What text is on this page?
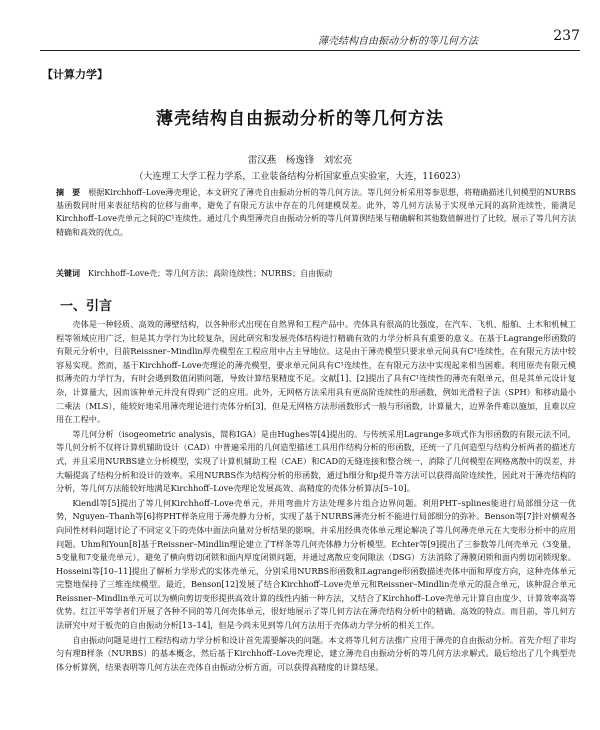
薄壳结构自由振动分析的等几何方法	237
【计算力学】
薄壳结构自由振动分析的等几何方法
雷汉燕　杨逸锋　刘宏亮
（大连理工大学工程力学系，工业装备结构分析国家重点实验室，大连，116023）
摘　要 根据Kirchhoff–Love薄壳理论，本文研究了薄壳自由振动分析的等几何方法。等几何分析采用等参思想，将精确描述几何模型的NURBS基函数同时用来表征结构的位移与曲率，避免了有限元方法中存在的几何建模误差。此外，等几何方法易于实现单元间的高阶连续性，能满足Kirchhoff–Love壳单元之间的C¹连续性。通过几个典型薄壳自由振动分析的等几何算例结果与精确解和其他数值解进行了比较，展示了等几何方法精确和高效的优点。
关键词 Kirchhoff–Love壳；等几何方法；高阶连续性；NURBS；自由振动
一、引言

壳体是一种轻质、高效的薄壁结构，以各种形式出现在自然界和工程产品中。壳体具有很高的比强度，在汽车、飞机、船舶、土木和机械工程等领域应用广泛，但是其力学行为比较复杂，因此研究和发展壳体结构进行精确有效的力学分析具有重要的意义。在基于Lagrange形函数的有限元分析中，目前Reissner–Mindlin厚壳模型在工程应用中占主导地位。这是由于薄壳模型只要求单元间具有C¹连续性，在有限元方法中较容易实现。然而，基于Kirchhoff–Love壳理论的薄壳模型，要求单元间具有C¹连续性，在有限元方法中实现起来相当困难。利用原壳有限元模拟薄壳的力学行为，有时会遇到数值闭锁问题，导致计算结果精度不足。文献[1]、[2]提出了具有C¹连续性的薄壳有限单元，但是其单元设计复杂，计算量大，因而该种单元并没有得到广泛的应用。此外，无网格方法采用具有更高阶连续性的形函数，例如光滑粒子法（SPH）和移动最小二乘法（MLS），能较好地采用薄壳理论进行壳体分析[3]，但是无网格方法形函数形式一般与形函数，计算量大，边界条件难以施加，且难以应用在工程中。

等几何分析（isogeometric analysis，简称IGA）是由Hughes等[4]提出的。与传统采用Lagrange多项式作为形函数的有限元法不同，等几何分析不仅将计算机辅助设计（CAD）中普遍采用的几何造型描述工具用作结构分析的形函数，还统一了几何造型与结构分析两者的描述方式，并且采用NURBS建立分析模型，实现了计算机辅助工程（CAE）和CAD的无缝连接和整合统一，消除了几何模型在网格离散中的误差，并大幅提高了结构分析和设计的效率。采用NURBS作为结构分析的形函数，通过h细分和p提升等方法可以获得高阶连续性，因此对于薄壳结构的分析，等几何方法能较好地满足Kirchhoff–Love壳理论发展高效、高精度的壳体分析算法[5–10]。

Kiendl等[5]提出了等几何Kirchhoff–Love壳单元，并用弯曲片方法处理多片组合边界问题。利用PHT–splines能进行局部细分这一优势，Nguyen–Thanh等[6]将PHT样条应用于薄壳静力分析，实现了基于NURBS薄壳分析不能进行局部细分的弥补。Benson等[7]针对横观各向同性材料问题讨论了不同定义下的壳体中面法向量对分析结果的影响，并采用经典壳体单元理论解决了等几何薄壳单元在大变形分析中的应用问题。Uhm和Youn[8]基于Reissner–Mindlin理论建立了T样条等几何壳体静力分析模型。Echter等[9]提出了三参数等几何壳单元（3变量、5变量和7变量壳单元），避免了横向剪切闭锁和面内厚度闭锁问题，并通过离散应变间隙法（DSG）方法消除了薄膜闭锁和面内剪切闭锁现象。Hosseini等[10–11]提出了解析力学形式的实体壳单元，分别采用NURBS形函数和Lagrange形函数描述壳体中面和厚度方向，这种壳体单元完整地保持了三维连续模型。最近，Benson[12]发展了结合Kirchhoff–Love壳单元和Reissner–Mindlin壳单元的混合单元，该种混合单元Reissner–Mindlin单元可以为横向剪切变形提供高效计算的线性内插一种方法，又结合了Kirchhoff–Love壳单元计算自由度少、计算效率高等优势。红江平等学者们开展了各种不同的等几何壳体单元，很好地展示了等几何方法在薄壳结构分析中的精确、高效的特点。而目前，等几何方法研究中对于板壳的自由振动分析[13–14]，但是今尚未见到等几何方法用于壳体动力学分析的相关工作。

自由振动问题是进行工程结构动力学分析和设计首先需要解决的问题。本文将等几何方法推广应用于薄壳的自由振动分析。首先介绍了非均匀有理B样条（NURBS）的基本概念，然后基于Kirchhoff–Love壳理论，建立薄壳自由振动分析的等几何方法求解式。最后给出了几个典型壳体分析算例，结果表明等几何方法在壳体自由振动分析方面，可以获得高精度的计算结果。
